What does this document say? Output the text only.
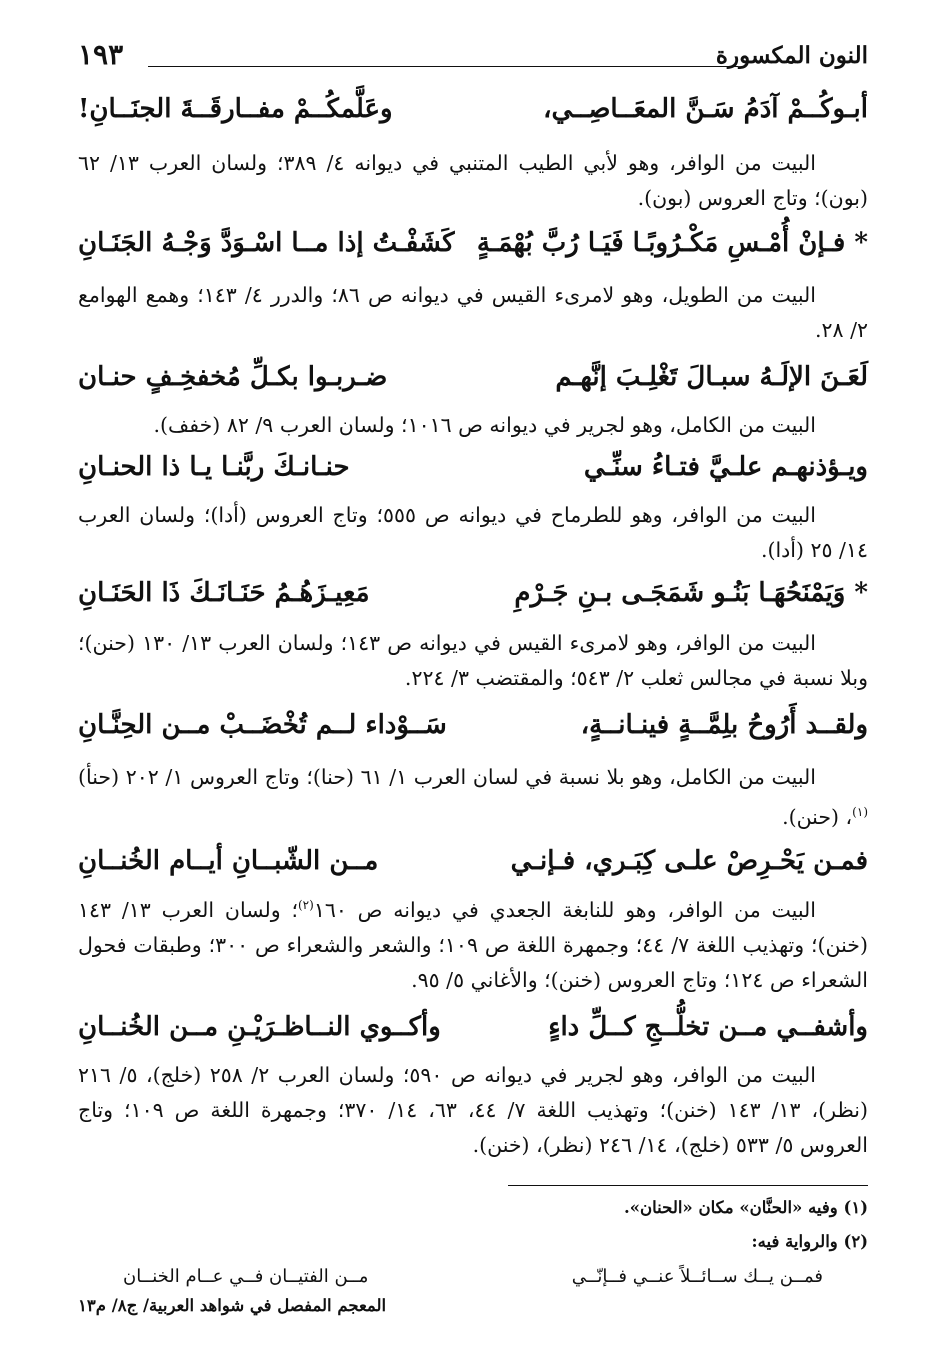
النون المكسورة
١٩٣
أبـوكُــمْ آدَمُ سَـنَّ المعَــاصِــي،
وعَلَّمكُــمْ مفــارقَــةَ الجنَــانِ!
البيت من الوافر، وهو لأبي الطيب المتنبي في ديوانه ٤/ ٣٨٩؛ ولسان العرب ١٣/ ٦٢ (بون)؛ وتاج العروس (بون).
* فـإنْ أُمْـسِ مَكْـرُوبًـا فَيَـا رُبَّ بُهْمَـةٍ
كَشَفْـتُ إذا مــا اسْـوَدَّ وَجْـهُ الجَنَـانِ
البيت من الطويل، وهو لامرىء القيس في ديوانه ص ٨٦؛ والدرر ٤/ ١٤٣؛ وهمع الهوامع ٢/ ٢٨.
لَعَـنَ الإلَـهُ سبـالَ تَغْلِـبَ إنَّهـم
ضـربـوا بكـلِّ مُخفخِـفٍ حنـان
البيت من الكامل، وهو لجرير في ديوانه ص ١٠١٦؛ ولسان العرب ٩/ ٨٢ (خفف).
ويـؤذنهـم علـيَّ فتـاءُ سنِّـي
حنـانـكَ ربَّنـا يـا ذا الحنـانِ
البيت من الوافر، وهو للطرماح في ديوانه ص ٥٥٥؛ وتاج العروس (أدا)؛ ولسان العرب ١٤/ ٢٥ (أدا).
* وَيَمْنَحُهَـا بَنُـو شَمَجَـى بـنِ جَـرْمِ
مَعِيـزَهُـمُ حَنَـانَـكَ ذَا الحَنَـانِ
البيت من الوافر، وهو لامرىء القيس في ديوانه ص ١٤٣؛ ولسان العرب ١٣/ ١٣٠ (حنن)؛ وبلا نسبة في مجالس ثعلب ٢/ ٥٤٣؛ والمقتضب ٣/ ٢٢٤.
ولقــد أَرُوحُ بلِمَّــةٍ فينـانــةٍ،
سَــوْداء لــم تُخْضَــبْ مــن الحِنَّـانِ
البيت من الكامل، وهو بلا نسبة في لسان العرب ١/ ٦١ (حنا)؛ وتاج العروس ١/ ٢٠٢ (حنأ)$^{(١)}$، (حنن).
فمـن يَحْـرِصْ علـى كِبَـري، فـإنـي
مــن الشّبــانِ أيــام الخُنــانِ
البيت من الوافر، وهو للنابغة الجعدي في ديوانه ص ١٦٠$^{(٢)}$؛ ولسان العرب ١٣/ ١٤٣ (خنن)؛ وتهذيب اللغة ٧/ ٤٤؛ وجمهرة اللغة ص ١٠٩؛ والشعر والشعراء ص ٣٠٠؛ وطبقات فحول الشعراء ص ١٢٤؛ وتاج العروس (خنن)؛ والأغاني ٥/ ٩٥.
وأشفــي مــن تخلُّــجِ كــلِّ داءٍ
وأكــوي النــاظـرَيْـنِ مــن الخُنــانِ
البيت من الوافر، وهو لجرير في ديوانه ص ٥٩٠؛ ولسان العرب ٢/ ٢٥٨ (خلج)، ٥/ ٢١٦ (نظر)، ١٣/ ١٤٣ (خنن)؛ وتهذيب اللغة ٧/ ٤٤، ٦٣، ١٤/ ٣٧٠؛ وجمهرة اللغة ص ١٠٩؛ وتاج العروس ٥/ ٥٣٣ (خلج)، ١٤/ ٢٤٦ (نظر)، (خنن).
(١) وفيه «الحنَّان» مكان «الحنان».
(٢) والرواية فيه:
فمــن يــك ســائــلاً عنــي فــإنّــي
مــن الفتيــان فــي عــام الخنــان
المعجم المفصل في شواهد العربية/ ج٨/ م١٣
